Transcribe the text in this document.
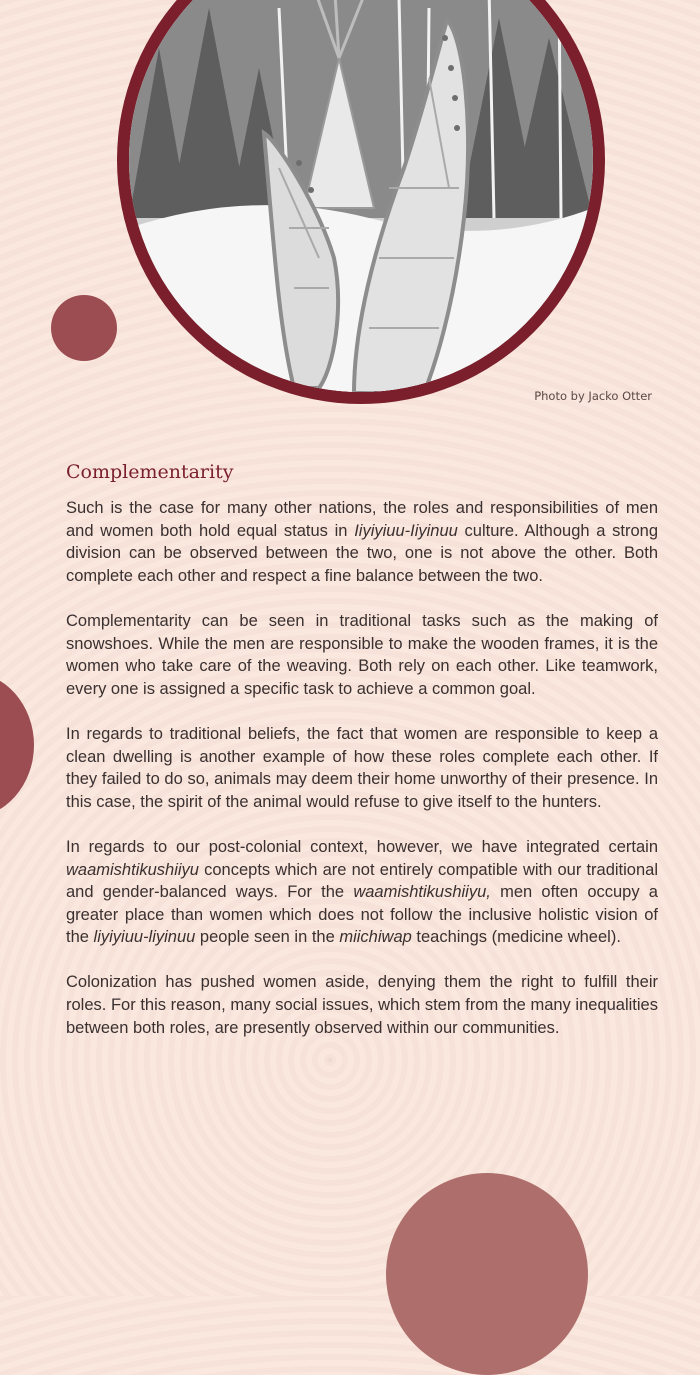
Photo by Jacko Otter
Complementarity

Such is the case for many other nations, the roles and responsibilities of men and women both hold equal status in Iiyiyiuu-Iiyinuu culture. Although a strong division can be observed between the two, one is not above the other. Both complete each other and respect a fine balance between the two.

Complementarity can be seen in traditional tasks such as the making of snowshoes. While the men are responsible to make the wooden frames, it is the women who take care of the weaving. Both rely on each other. Like teamwork, every one is assigned a specific task to achieve a common goal.

In regards to traditional beliefs, the fact that women are responsible to keep a clean dwelling is another example of how these roles complete each other. If they failed to do so, animals may deem their home unworthy of their presence. In this case, the spirit of the animal would refuse to give itself to the hunters.

In regards to our post-colonial context, however, we have integrated certain waamishtikushiiyu concepts which are not entirely compatible with our traditional and gender-balanced ways. For the waamishtikushiiyu, men often occupy a greater place than women which does not follow the inclusive holistic vision of the liyiyiuu-liyinuu people seen in the miichiwap teachings (medicine wheel).

Colonization has pushed women aside, denying them the right to fulfill their roles. For this reason, many social issues, which stem from the many inequalities between both roles, are presently observed within our communities.
